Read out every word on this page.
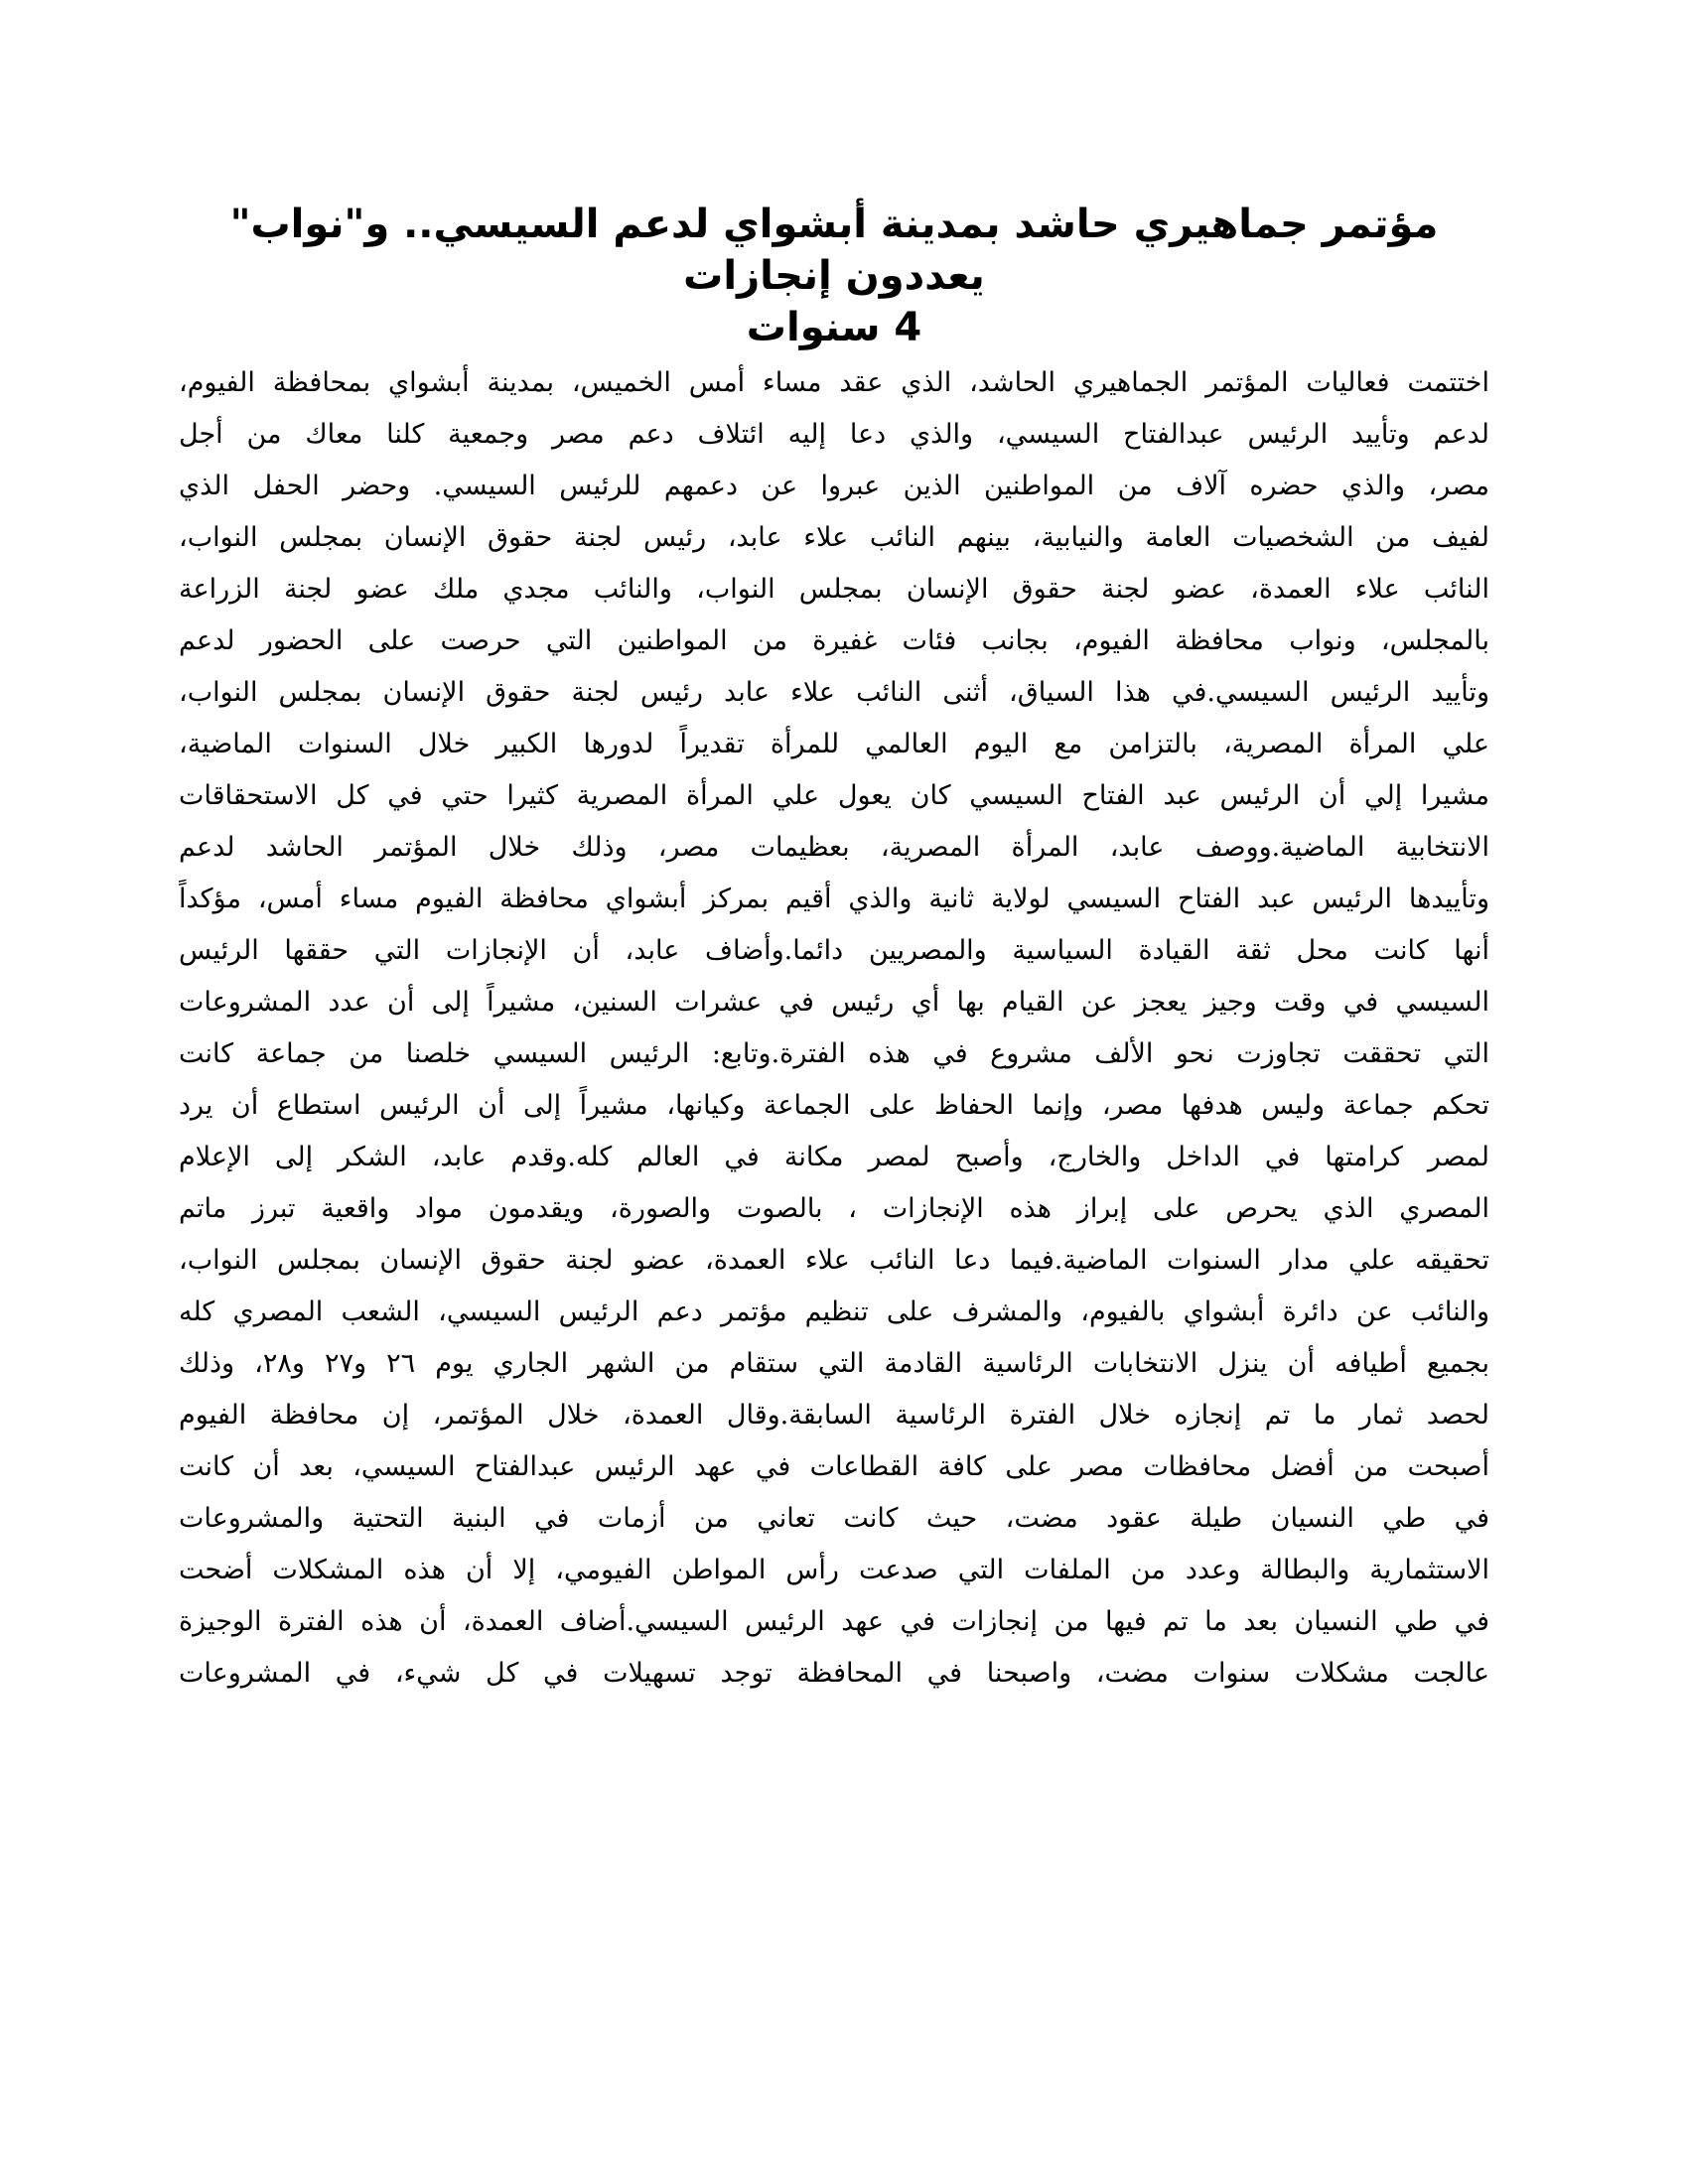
مؤتمر جماهيري حاشد بمدينة أبشواي لدعم السيسي.. و"نواب" يعددون إنجازات
4 سنوات
اختتمت فعاليات المؤتمر الجماهيري الحاشد، الذي عقد مساء أمس الخميس، بمدينة أبشواي بمحافظة الفيوم،
لدعم وتأييد الرئيس عبدالفتاح السيسي، والذي دعا إليه ائتلاف دعم مصر وجمعية كلنا معاك من أجل
مصر، والذي حضره آلاف من المواطنين الذين عبروا عن دعمهم للرئيس السيسي. وحضر الحفل الذي
لفيف من الشخصيات العامة والنيابية، بينهم النائب علاء عابد، رئيس لجنة حقوق الإنسان بمجلس النواب،
النائب علاء العمدة، عضو لجنة حقوق الإنسان بمجلس النواب، والنائب مجدي ملك عضو لجنة الزراعة
بالمجلس، ونواب محافظة الفيوم، بجانب فئات غفيرة من المواطنين التي حرصت على الحضور لدعم
وتأييد الرئيس السيسي.في هذا السياق، أثنى النائب علاء عابد رئيس لجنة حقوق الإنسان بمجلس النواب،
علي المرأة المصرية، بالتزامن مع اليوم العالمي للمرأة تقديراً لدورها الكبير خلال السنوات الماضية،
مشيرا إلي أن الرئيس عبد الفتاح السيسي كان يعول علي المرأة المصرية كثيرا حتي في كل الاستحقاقات
الانتخابية الماضية.ووصف عابد، المرأة المصرية، بعظيمات مصر، وذلك خلال المؤتمر الحاشد لدعم
وتأييدها الرئيس عبد الفتاح السيسي لولاية ثانية والذي أقيم بمركز أبشواي محافظة الفيوم مساء أمس، مؤكداً
أنها كانت محل ثقة القيادة السياسية والمصريين دائما.وأضاف عابد، أن الإنجازات التي حققها الرئيس
السيسي في وقت وجيز يعجز عن القيام بها أي رئيس في عشرات السنين، مشيراً إلى أن عدد المشروعات
التي تحققت تجاوزت نحو الألف مشروع في هذه الفترة.وتابع: الرئيس السيسي خلصنا من جماعة كانت
تحكم جماعة وليس هدفها مصر، وإنما الحفاظ على الجماعة وكيانها، مشيراً إلى أن الرئيس استطاع أن يرد
لمصر كرامتها في الداخل والخارج، وأصبح لمصر مكانة في العالم كله.وقدم عابد، الشكر إلى الإعلام
المصري الذي يحرص على إبراز هذه الإنجازات ، بالصوت والصورة، ويقدمون مواد واقعية تبرز ماتم
تحقيقه علي مدار السنوات الماضية.فيما دعا النائب علاء العمدة، عضو لجنة حقوق الإنسان بمجلس النواب،
والنائب عن دائرة أبشواي بالفيوم، والمشرف على تنظيم مؤتمر دعم الرئيس السيسي، الشعب المصري كله
بجميع أطيافه أن ينزل الانتخابات الرئاسية القادمة التي ستقام من الشهر الجاري يوم ٢٦ و٢٧ و٢٨، وذلك
لحصد ثمار ما تم إنجازه خلال الفترة الرئاسية السابقة.وقال العمدة، خلال المؤتمر، إن محافظة الفيوم
أصبحت من أفضل محافظات مصر على كافة القطاعات في عهد الرئيس عبدالفتاح السيسي، بعد أن كانت
في طي النسيان طيلة عقود مضت، حيث كانت تعاني من أزمات في البنية التحتية والمشروعات
الاستثمارية والبطالة وعدد من الملفات التي صدعت رأس المواطن الفيومي، إلا أن هذه المشكلات أضحت
في طي النسيان بعد ما تم فيها من إنجازات في عهد الرئيس السيسي.أضاف العمدة، أن هذه الفترة الوجيزة
عالجت مشكلات سنوات مضت، واصبحنا في المحافظة توجد تسهيلات في كل شيء، في المشروعات
